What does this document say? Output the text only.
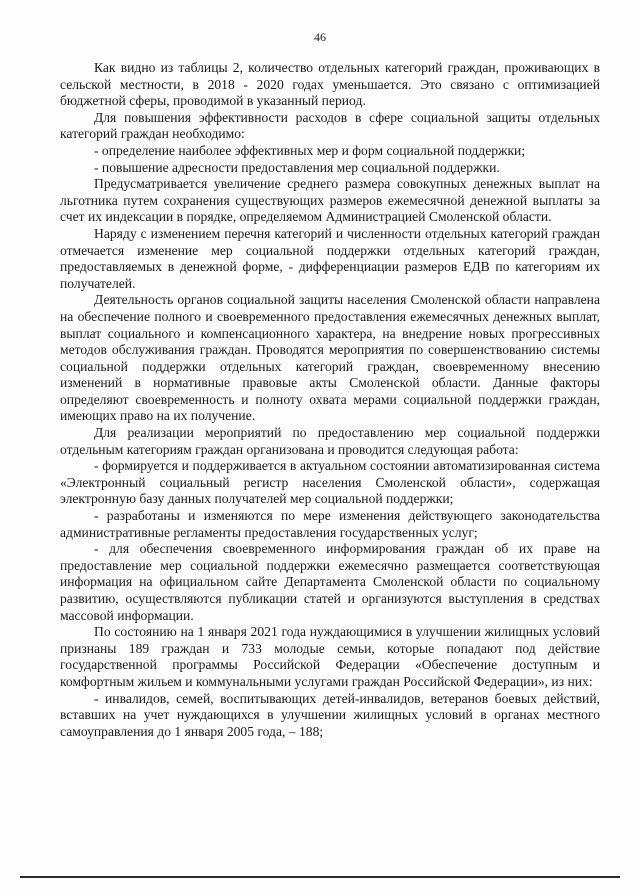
46

Как видно из таблицы 2, количество отдельных категорий граждан, проживающих в сельской местности, в 2018 - 2020 годах уменьшается. Это связано с оптимизацией бюджетной сферы, проводимой в указанный период.

Для повышения эффективности расходов в сфере социальной защиты отдельных категорий граждан необходимо:

- определение наиболее эффективных мер и форм социальной поддержки;

- повышение адресности предоставления мер социальной поддержки.

Предусматривается увеличение среднего размера совокупных денежных выплат на льготника путем сохранения существующих размеров ежемесячной денежной выплаты за счет их индексации в порядке, определяемом Администрацией Смоленской области.

Наряду с изменением перечня категорий и численности отдельных категорий граждан отмечается изменение мер социальной поддержки отдельных категорий граждан, предоставляемых в денежной форме, - дифференциации размеров ЕДВ по категориям их получателей.

Деятельность органов социальной защиты населения Смоленской области направлена на обеспечение полного и своевременного предоставления ежемесячных денежных выплат, выплат социального и компенсационного характера, на внедрение новых прогрессивных методов обслуживания граждан. Проводятся мероприятия по совершенствованию системы социальной поддержки отдельных категорий граждан, своевременному внесению изменений в нормативные правовые акты Смоленской области. Данные факторы определяют своевременность и полноту охвата мерами социальной поддержки граждан, имеющих право на их получение.

Для реализации мероприятий по предоставлению мер социальной поддержки отдельным категориям граждан организована и проводится следующая работа:

- формируется и поддерживается в актуальном состоянии автоматизированная система «Электронный социальный регистр населения Смоленской области», содержащая электронную базу данных получателей мер социальной поддержки;

- разработаны и изменяются по мере изменения действующего законодательства административные регламенты предоставления государственных услуг;

- для обеспечения своевременного информирования граждан об их праве на предоставление мер социальной поддержки ежемесячно размещается соответствующая информация на официальном сайте Департамента Смоленской области по социальному развитию, осуществляются публикации статей и организуются выступления в средствах массовой информации.

По состоянию на 1 января 2021 года нуждающимися в улучшении жилищных условий признаны 189 граждан и 733 молодые семьи, которые попадают под действие государственной программы Российской Федерации «Обеспечение доступным и комфортным жильем и коммунальными услугами граждан Российской Федерации», из них:

- инвалидов, семей, воспитывающих детей-инвалидов, ветеранов боевых действий, вставших на учет нуждающихся в улучшении жилищных условий в органах местного самоуправления до 1 января 2005 года, – 188;
